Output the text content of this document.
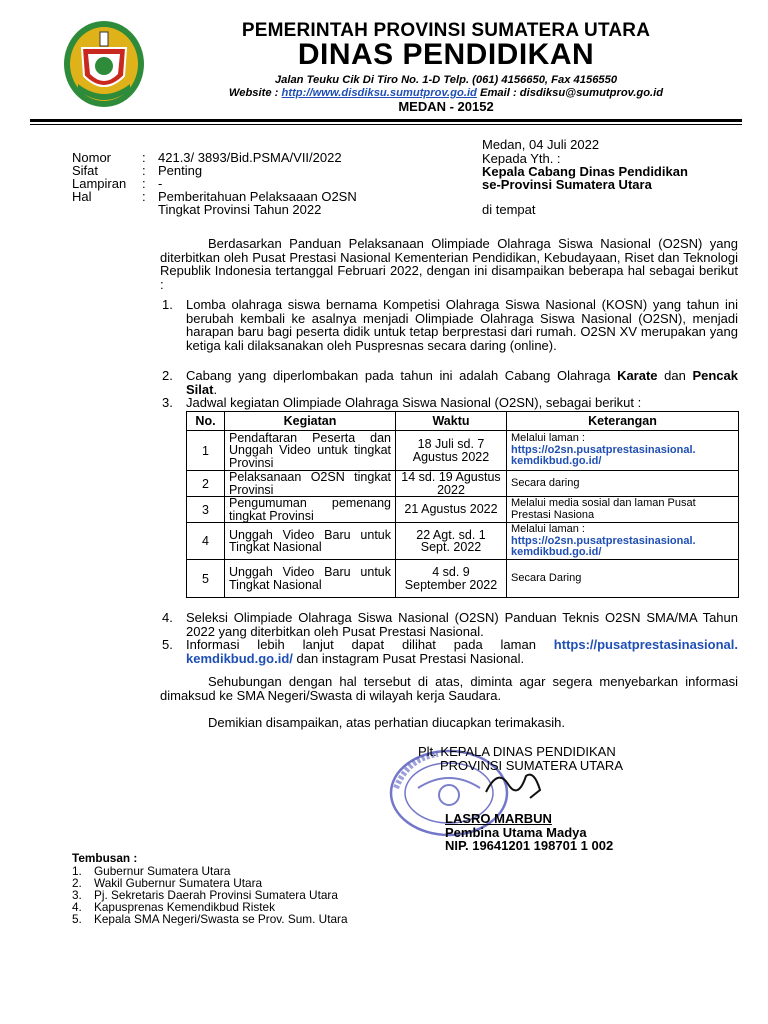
PEMERINTAH PROVINSI SUMATERA UTARA
DINAS PENDIDIKAN
Jalan Teuku Cik Di Tiro No. 1-D Telp. (061) 4156650, Fax 4156550
Website : http://www.disdiksu.sumutprov.go.id Email : disdiksu@sumutprov.go.id
MEDAN - 20152
Medan, 04 Juli 2022
Kepada Yth. :
Kepala Cabang Dinas Pendidikan
se-Provinsi Sumatera Utara
di tempat
Nomor : 421.3/ 3893/Bid.PSMA/VII/2022
Sifat	: Penting
Lampiran : -
Hal	: Pemberitahuan Pelaksaaan O2SN
Tingkat Provinsi Tahun 2022
Berdasarkan Panduan Pelaksanaan Olimpiade Olahraga Siswa Nasional (O2SN) yang diterbitkan oleh Pusat Prestasi Nasional Kementerian Pendidikan, Kebudayaan, Riset dan Teknologi Republik Indonesia tertanggal Februari 2022, dengan ini disampaikan beberapa hal sebagai berikut :
1. Lomba olahraga siswa bernama Kompetisi Olahraga Siswa Nasional (KOSN) yang tahun ini berubah kembali ke asalnya menjadi Olimpiade Olahraga Siswa Nasional (O2SN), menjadi harapan baru bagi peserta didik untuk tetap berprestasi dari rumah. O2SN XV merupakan yang ketiga kali dilaksanakan oleh Puspresnas secara daring (online).
2. Cabang yang diperlombakan pada tahun ini adalah Cabang Olahraga Karate dan Pencak Silat.
3. Jadwal kegiatan Olimpiade Olahraga Siswa Nasional (O2SN), sebagai berikut :
No.	Kegiatan	Waktu	Keterangan
1	Pendaftaran Peserta dan Unggah Video untuk tingkat Provinsi	18 Juli sd. 7 Agustus 2022	Melalui laman :
https://o2sn.pusatprestasinasional. kemdikbud.go.id/

2	Pelaksanaan O2SN tingkat Provinsi	14 sd. 19 Agustus 2022	Secara daring
3	Pengumuman pemenang tingkat Provinsi	21 Agustus 2022	Melalui media sosial dan laman Pusat Prestasi Nasiona
4	Unggah Video Baru untuk Tingkat Nasional	22 Agt. sd. 1 Sept. 2022	Melalui laman :
https://o2sn.pusatprestasinasional. kemdikbud.go.id/

5	Unggah Video Baru untuk Tingkat Nasional	4 sd. 9 September 2022	Secara Daring
4. Seleksi Olimpiade Olahraga Siswa Nasional (O2SN) Panduan Teknis O2SN SMA/MA Tahun 2022 yang diterbitkan oleh Pusat Prestasi Nasional.
5. Informasi lebih lanjut dapat dilihat pada laman https://pusatprestasinasional. kemdikbud.go.id/ dan instagram Pusat Prestasi Nasional.
Sehubungan dengan hal tersebut di atas, diminta agar segera menyebarkan informasi dimaksud ke SMA Negeri/Swasta di wilayah kerja Saudara.
Demikian disampaikan, atas perhatian diucapkan terimakasih.
Plt. KEPALA DINAS PENDIDIKAN
PROVINSI SUMATERA UTARA
LASRO MARBUN
Pembina Utama Madya
NIP. 19641201 198701 1 002
Tembusan :
1. Gubernur Sumatera Utara
2. Wakil Gubernur Sumatera Utara
3. Pj. Sekretaris Daerah Provinsi Sumatera Utara
4. Kapusprenas Kemendikbud Ristek
5. Kepala SMA Negeri/Swasta se Prov. Sum. Utara
